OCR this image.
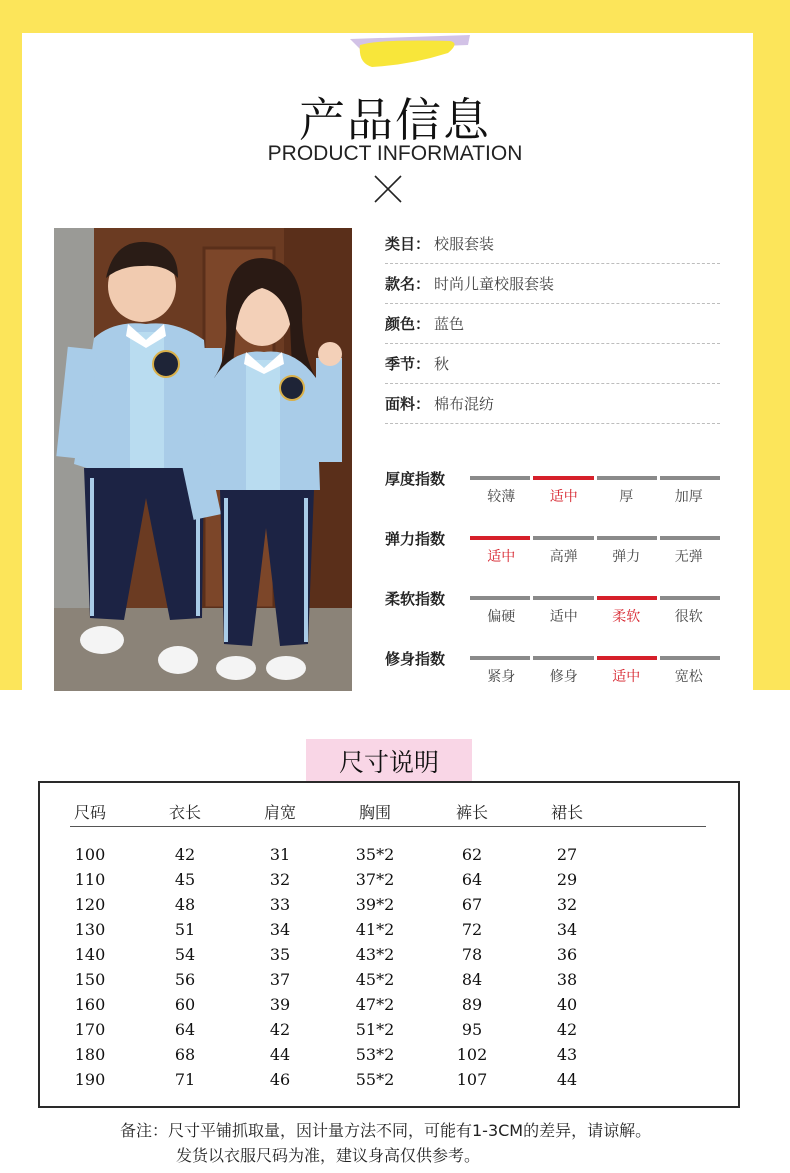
产品信息
PRODUCT INFORMATION
类目： 校服套装
款名： 时尚儿童校服套装
颜色： 蓝色
季节： 秋
面料： 棉布混纺
厚度指数
较薄	适中	厚	加厚
弹力指数
适中	高弹	弹力	无弹
柔软指数
偏硬	适中	柔软	很软
修身指数
紧身	修身	适中	宽松
尺寸说明
尺码	衣长	肩宽	胸围	裤长	裙长
100	42	31	35*2	62	27
110	45	32	37*2	64	29
120	48	33	39*2	67	32
130	51	34	41*2	72	34
140	54	35	43*2	78	36
150	56	37	45*2	84	38
160	60	39	47*2	89	40
170	64	42	51*2	95	42
180	68	44	53*2	102	43
190	71	46	55*2	107	44
备注：尺寸平铺抓取量，因计量方法不同，可能有1-3CM的差异，请谅解。
发货以衣服尺码为准，建议身高仅供参考。
